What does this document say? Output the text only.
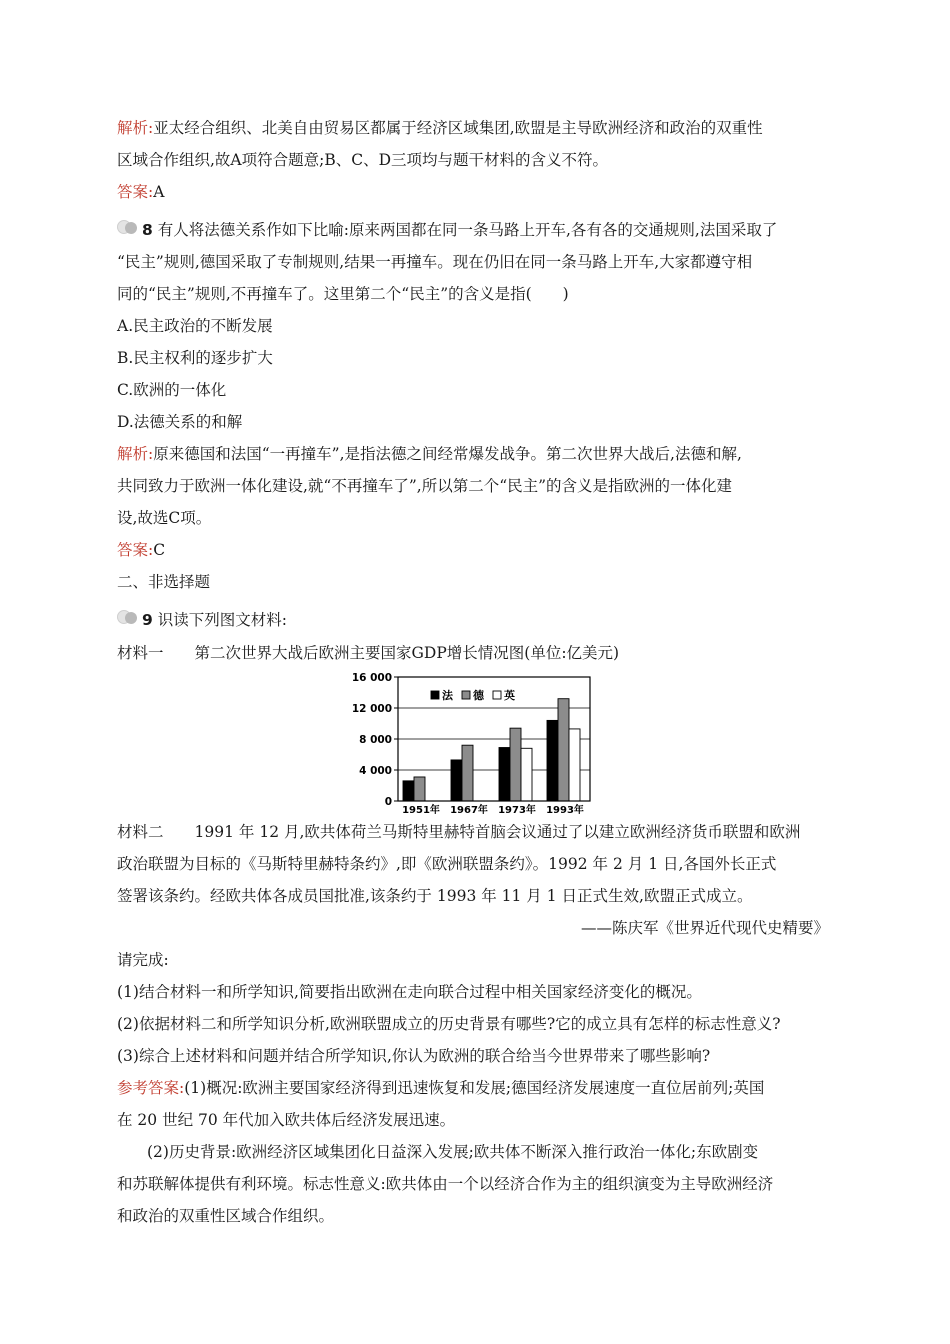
解析:亚太经合组织、北美自由贸易区都属于经济区域集团,欧盟是主导欧洲经济和政治的双重性
区域合作组织,故A项符合题意;B、C、D三项均与题干材料的含义不符。
答案:A
8 有人将法德关系作如下比喻:原来两国都在同一条马路上开车,各有各的交通规则,法国采取了
“民主”规则,德国采取了专制规则,结果一再撞车。现在仍旧在同一条马路上开车,大家都遵守相
同的“民主”规则,不再撞车了。这里第二个“民主”的含义是指(　　)
A.民主政治的不断发展
B.民主权利的逐步扩大
C.欧洲的一体化
D.法德关系的和解
解析:原来德国和法国“一再撞车”,是指法德之间经常爆发战争。第二次世界大战后,法德和解,
共同致力于欧洲一体化建设,就“不再撞车了”,所以第二个“民主”的含义是指欧洲的一体化建
设,故选C项。
答案:C
二、非选择题
9 识读下列图文材料:
材料一　　 第二次世界大战后欧洲主要国家GDP增长情况图(单位:亿美元)
0
4 000
8 000
12 000
16 000
1951年 1967年 1973年 1993年
法 德 英
材料二　　 1991 年 12 月,欧共体荷兰马斯特里赫特首脑会议通过了以建立欧洲经济货币联盟和欧洲
政治联盟为目标的《马斯特里赫特条约》,即《欧洲联盟条约》。1992 年 2 月 1 日,各国外长正式
签署该条约。经欧共体各成员国批准,该条约于 1993 年 11 月 1 日正式生效,欧盟正式成立。
——陈庆军《世界近代现代史精要》
请完成:
(1)结合材料一和所学知识,简要指出欧洲在走向联合过程中相关国家经济变化的概况。
(2)依据材料二和所学知识分析,欧洲联盟成立的历史背景有哪些?它的成立具有怎样的标志性意义?
(3)综合上述材料和问题并结合所学知识,你认为欧洲的联合给当今世界带来了哪些影响?
参考答案:(1)概况:欧洲主要国家经济得到迅速恢复和发展;德国经济发展速度一直位居前列;英国
在 20 世纪 70 年代加入欧共体后经济发展迅速。
(2)历史背景:欧洲经济区域集团化日益深入发展;欧共体不断深入推行政治一体化;东欧剧变
和苏联解体提供有利环境。标志性意义:欧共体由一个以经济合作为主的组织演变为主导欧洲经济
和政治的双重性区域合作组织。
